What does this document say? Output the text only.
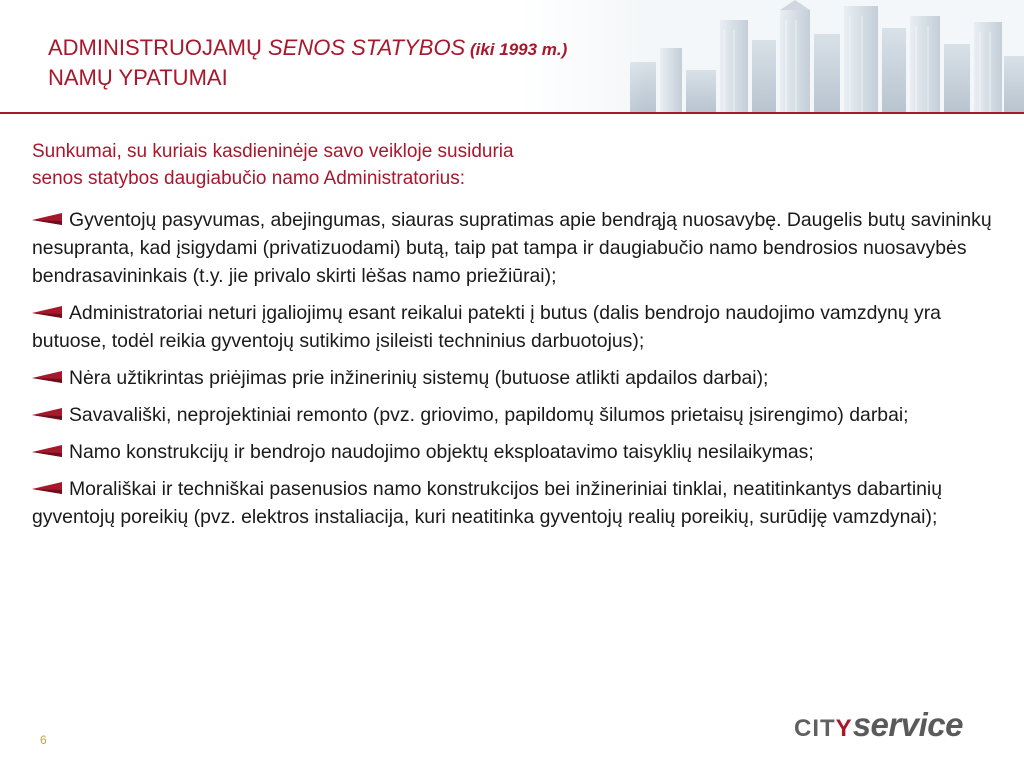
ADMINISTRUOJAMŲ SENOS STATYBOS (iki 1993 m.)
NAMŲ YPATUMAI
Sunkumai, su kuriais kasdieninėje savo veikloje susiduria
senos statybos daugiabučio namo Administratorius:
Gyventojų pasyvumas, abejingumas, siauras supratimas apie bendrąją nuosavybę. Daugelis butų savininkų nesupranta, kad įsigydami (privatizuodami) butą, taip pat tampa ir daugiabučio namo bendrosios nuosavybės bendrasavininkais (t.y. jie privalo skirti lėšas namo priežiūrai);
Administratoriai neturi įgaliojimų esant reikalui patekti į butus (dalis bendrojo naudojimo vamzdynų yra butuose, todėl reikia gyventojų sutikimo įsileisti techninius darbuotojus);
Nėra užtikrintas priėjimas prie inžinerinių sistemų (butuose atlikti apdailos darbai);
Savavališki, neprojektiniai remonto (pvz. griovimo, papildomų šilumos prietaisų įsirengimo) darbai;
Namo konstrukcijų ir bendrojo naudojimo objektų eksploatavimo taisyklių nesilaikymas;
Morališkai ir techniškai pasenusios namo konstrukcijos bei inžineriniai tinklai, neatitinkantys dabartinių gyventojų poreikių (pvz. elektros instaliacija, kuri neatitinka gyventojų realių poreikių, surūdiję vamzdynai);
6	CITYservice
